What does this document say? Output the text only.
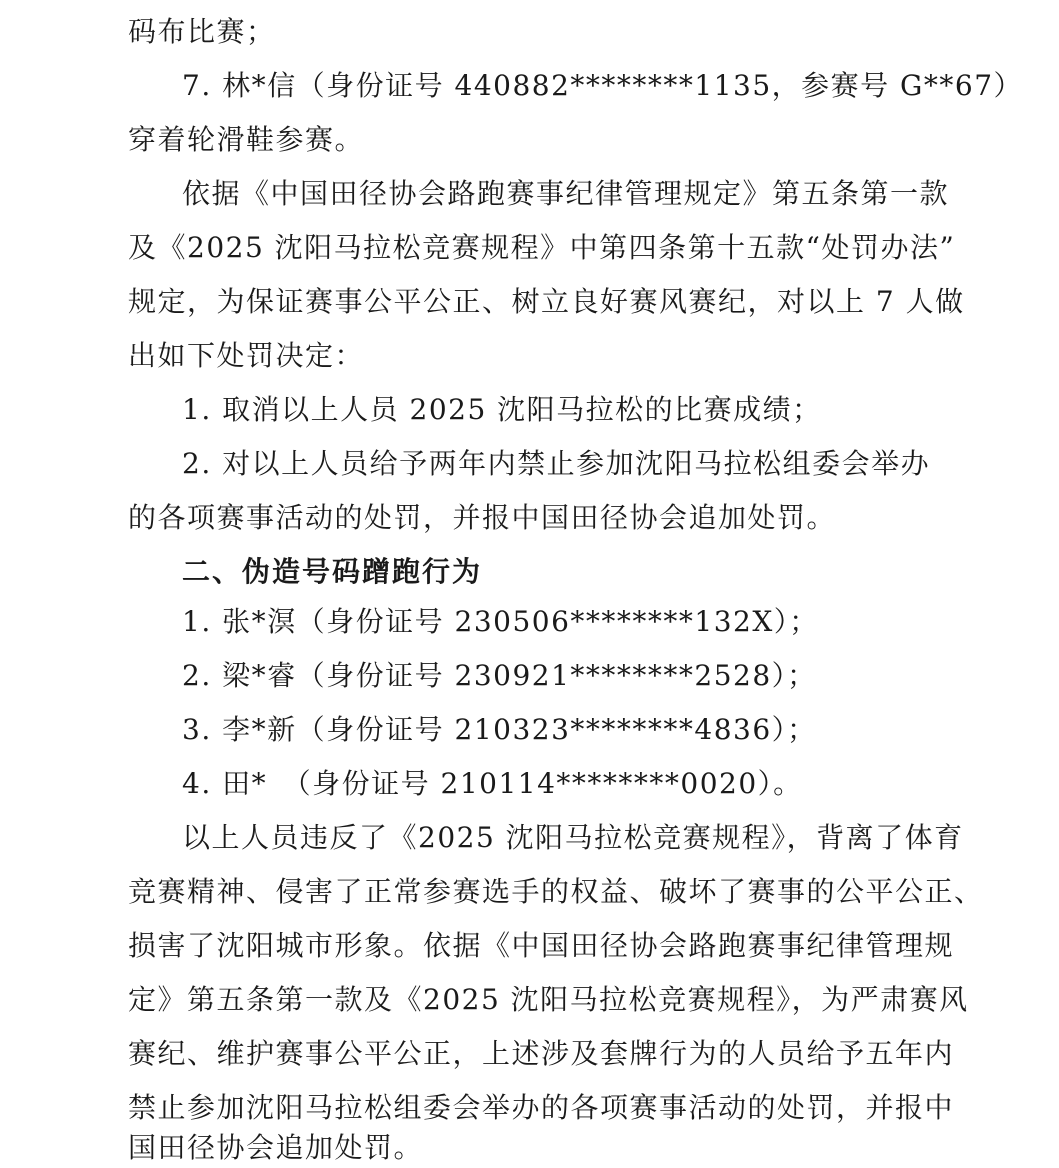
码布比赛；
7. 林*信（身份证号 440882********1135，参赛号 G**67）
穿着轮滑鞋参赛。
依据《中国田径协会路跑赛事纪律管理规定》第五条第一款
及《2025 沈阳马拉松竞赛规程》中第四条第十五款“处罚办法”
规定，为保证赛事公平公正、树立良好赛风赛纪，对以上 7 人做
出如下处罚决定：
1. 取消以上人员 2025 沈阳马拉松的比赛成绩；
2. 对以上人员给予两年内禁止参加沈阳马拉松组委会举办
的各项赛事活动的处罚，并报中国田径协会追加处罚。
二、伪造号码蹭跑行为
1. 张*溟（身份证号 230506********132X）；
2. 梁*睿（身份证号 230921********2528）；
3. 李*新（身份证号 210323********4836）；
4. 田*　（身份证号 210114********0020）。
以上人员违反了《2025 沈阳马拉松竞赛规程》，背离了体育
竞赛精神、侵害了正常参赛选手的权益、破坏了赛事的公平公正、
损害了沈阳城市形象。依据《中国田径协会路跑赛事纪律管理规
定》第五条第一款及《2025 沈阳马拉松竞赛规程》，为严肃赛风
赛纪、维护赛事公平公正，上述涉及套牌行为的人员给予五年内
禁止参加沈阳马拉松组委会举办的各项赛事活动的处罚，并报中
国田径协会追加处罚。
